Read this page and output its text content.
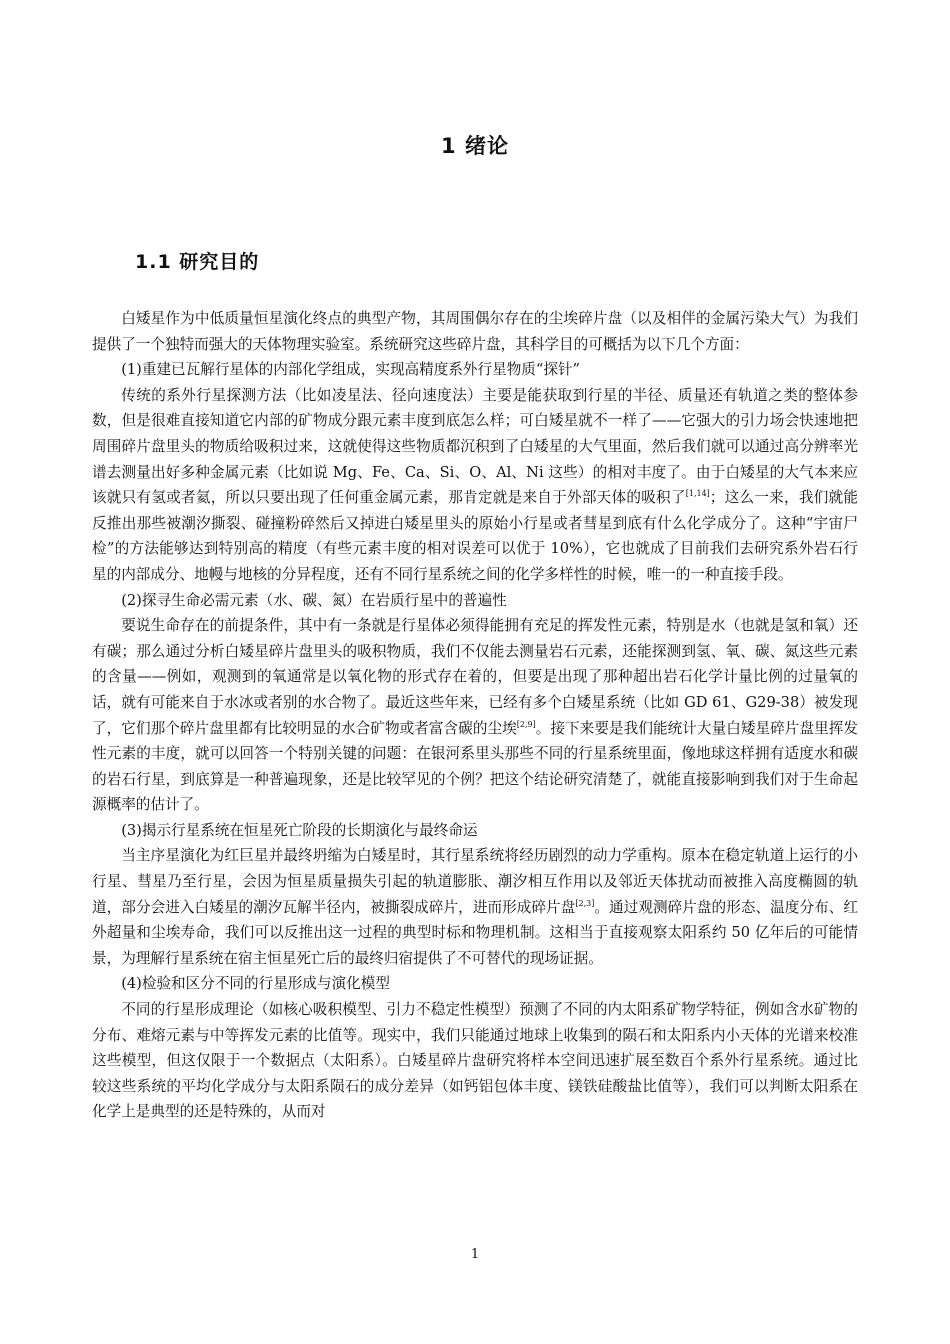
1 绪论
1.1 研究目的

白矮星作为中低质量恒星演化终点的典型产物，其周围偶尔存在的尘埃碎片盘（以及相伴的金属污染大气）为我们提供了一个独特而强大的天体物理实验室。系统研究这些碎片盘，其科学目的可概括为以下几个方面：

(1)重建已瓦解行星体的内部化学组成，实现高精度系外行星物质“探针”

传统的系外行星探测方法（比如凌星法、径向速度法）主要是能获取到行星的半径、质量还有轨道之类的整体参数，但是很难直接知道它内部的矿物成分跟元素丰度到底怎么样；可白矮星就不一样了——它强大的引力场会快速地把周围碎片盘里头的物质给吸积过来，这就使得这些物质都沉积到了白矮星的大气里面，然后我们就可以通过高分辨率光谱去测量出好多种金属元素（比如说 Mg、Fe、Ca、Si、O、Al、Ni 这些）的相对丰度了。由于白矮星的大气本来应该就只有氢或者氦，所以只要出现了任何重金属元素，那肯定就是来自于外部天体的吸积了[1,14]；这么一来，我们就能反推出那些被潮汐撕裂、碰撞粉碎然后又掉进白矮星里头的原始小行星或者彗星到底有什么化学成分了。这种“宇宙尸检”的方法能够达到特别高的精度（有些元素丰度的相对误差可以优于 10%），它也就成了目前我们去研究系外岩石行星的内部成分、地幔与地核的分异程度，还有不同行星系统之间的化学多样性的时候，唯一的一种直接手段。

(2)探寻生命必需元素（水、碳、氮）在岩质行星中的普遍性

要说生命存在的前提条件，其中有一条就是行星体必须得能拥有充足的挥发性元素，特别是水（也就是氢和氧）还有碳；那么通过分析白矮星碎片盘里头的吸积物质，我们不仅能去测量岩石元素，还能探测到氢、氧、碳、氮这些元素的含量——例如，观测到的氧通常是以氧化物的形式存在着的，但要是出现了那种超出岩石化学计量比例的过量氧的话，就有可能来自于水冰或者别的水合物了。最近这些年来，已经有多个白矮星系统（比如 GD 61、G29-38）被发现了，它们那个碎片盘里都有比较明显的水合矿物或者富含碳的尘埃[2,9]。接下来要是我们能统计大量白矮星碎片盘里挥发性元素的丰度，就可以回答一个特别关键的问题：在银河系里头那些不同的行星系统里面，像地球这样拥有适度水和碳的岩石行星，到底算是一种普遍现象，还是比较罕见的个例？把这个结论研究清楚了，就能直接影响到我们对于生命起源概率的估计了。

(3)揭示行星系统在恒星死亡阶段的长期演化与最终命运

当主序星演化为红巨星并最终坍缩为白矮星时，其行星系统将经历剧烈的动力学重构。原本在稳定轨道上运行的小行星、彗星乃至行星，会因为恒星质量损失引起的轨道膨胀、潮汐相互作用以及邻近天体扰动而被推入高度椭圆的轨道，部分会进入白矮星的潮汐瓦解半径内，被撕裂成碎片，进而形成碎片盘[2,3]。通过观测碎片盘的形态、温度分布、红外超量和尘埃寿命，我们可以反推出这一过程的典型时标和物理机制。这相当于直接观察太阳系约 50 亿年后的可能情景，为理解行星系统在宿主恒星死亡后的最终归宿提供了不可替代的现场证据。

(4)检验和区分不同的行星形成与演化模型

不同的行星形成理论（如核心吸积模型、引力不稳定性模型）预测了不同的内太阳系矿物学特征，例如含水矿物的分布、难熔元素与中等挥发元素的比值等。现实中，我们只能通过地球上收集到的陨石和太阳系内小天体的光谱来校准这些模型，但这仅限于一个数据点（太阳系）。白矮星碎片盘研究将样本空间迅速扩展至数百个系外行星系统。通过比较这些系统的平均化学成分与太阳系陨石的成分差异（如钙铝包体丰度、镁铁硅酸盐比值等），我们可以判断太阳系在化学上是典型的还是特殊的，从而对

1
